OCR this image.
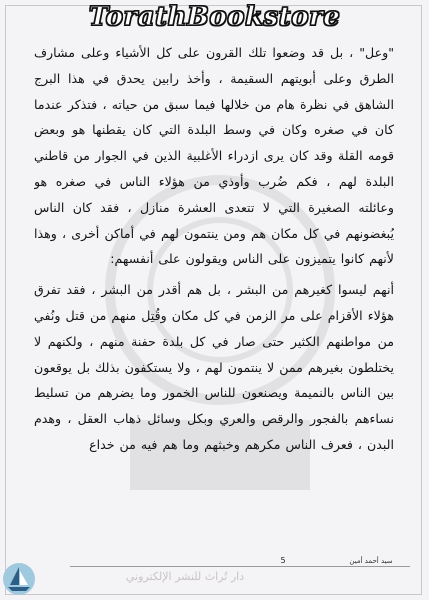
TorathBookstore

"وعل" ، بل قد وضعوا تلك القرون على كل الأشياء وعلى مشارف الطرق وعلى أبويتهم السقيمة ، وأخذ رابين يحدق في هذا البرج الشاهق في نظرة هام من خلالها فيما سبق من حياته ، فتذكر عندما كان في صغره وكان في وسط البلدة التي كان يقطنها هو وبعض قومه القلة وقد كان يرى ازدراء الأغلبية الذين في الجوار من قاطني البلدة لهم ، فكم ضُرب وأوذي من هؤلاء الناس في صغره هو وعائلته الصغيرة التي لا تتعدى العشرة منازل ، فقد كان الناس يُبغضونهم في كل مكان هم ومن ينتمون لهم في أماكن أخرى ، وهذا لأنهم كانوا يتميزون على الناس ويقولون على أنفسهم:

أنهم ليسوا كغيرهم من البشر ، بل هم أقدر من البشر ، فقد تفرق هؤلاء الأقزام على مر الزمن في كل مكان وقُتِل منهم من قتل ونُفي من مواطنهم الكثير حتى صار في كل بلدة حفنة منهم ، ولكنهم لا يختلطون بغيرهم ممن لا ينتمون لهم ، ولا يستكفون بذلك بل يوقعون بين الناس بالنميمة ويصنعون للناس الخمور وما يضرهم من تسليط نساءهم بالفجور والرقص والعري وبكل وسائل ذهاب العقل ، وهدم البدن ، فعرف الناس مكرهم وخبثهم وما هم فيه من خداع

دار تُراث للنشر الإلكتروني
5	سيد أحمد أمين
